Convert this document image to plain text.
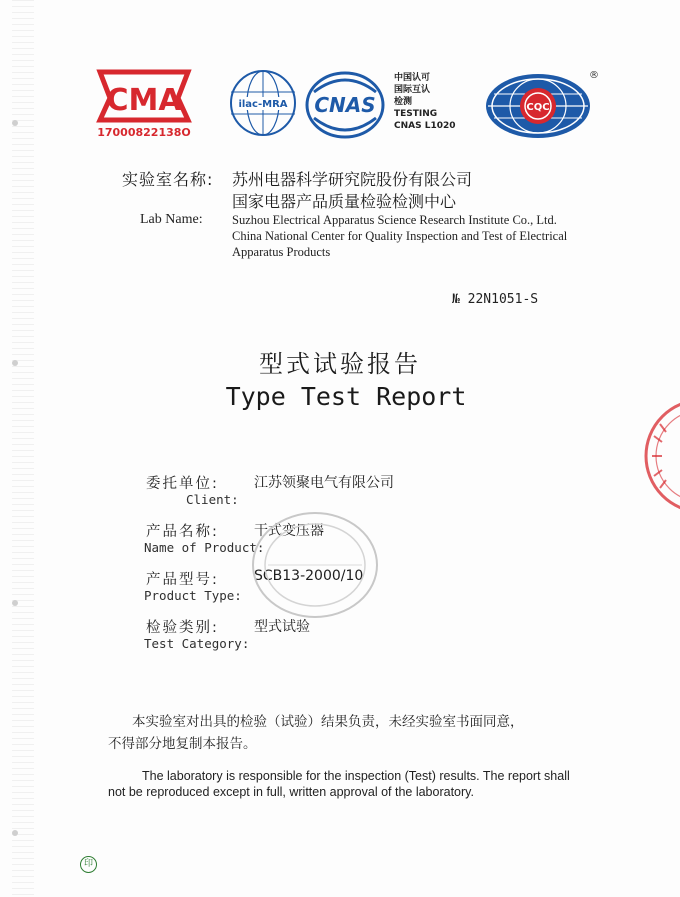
CMA
17000822138O
ilac-MRA CNAS
中国认可
国际互认
检测
TESTING
CNAS L1020
CQC
®
实验室名称: 苏州电器科学研究院股份有限公司
国家电器产品质量检验检测中心
Lab Name: Suzhou Electrical Apparatus Science Research Institute Co., Ltd.
China National Center for Quality Inspection and Test of Electrical
Apparatus Products
№ 22N1051-S
型式试验报告
Type Test Report
委托单位:	江苏领聚电气有限公司
Client:
产品名称:	干式变压器
Name of Product:
产品型号:	SCB13-2000/10
Product Type:
检验类别:	型式试验
Test Category:
本实验室对出具的检验（试验）结果负责，未经实验室书面同意，
不得部分地复制本报告。
The laboratory is responsible for the inspection (Test) results. The report shall
not be reproduced except in full, written approval of the laboratory.
印
